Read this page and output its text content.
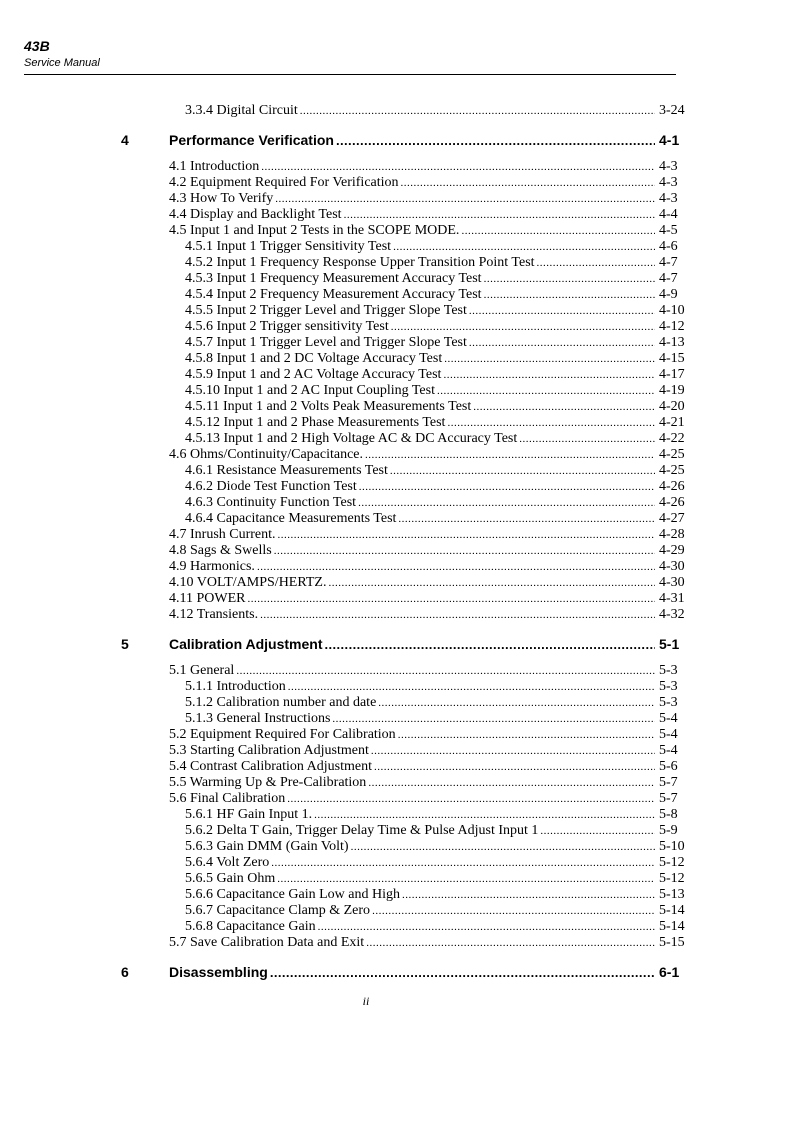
43B
Service Manual
3.3.4 Digital Circuit .....	3-24
4	Performance Verification .....	4-1
4.1 Introduction .....	4-3
4.2 Equipment Required For Verification .....	4-3
4.3 How To Verify .....	4-3
4.4 Display and Backlight Test .....	4-4
4.5 Input 1 and Input 2 Tests in the SCOPE MODE. .....	4-5
4.5.1 Input 1 Trigger Sensitivity Test .....	4-6
4.5.2 Input 1 Frequency Response Upper Transition Point Test .....	4-7
4.5.3 Input 1 Frequency Measurement Accuracy Test .....	4-7
4.5.4 Input 2 Frequency Measurement Accuracy Test .....	4-9
4.5.5 Input 2 Trigger Level and Trigger Slope Test .....	4-10
4.5.6 Input 2 Trigger sensitivity Test .....	4-12
4.5.7 Input 1 Trigger Level and Trigger Slope Test .....	4-13
4.5.8 Input 1 and 2 DC Voltage Accuracy Test .....	4-15
4.5.9 Input 1 and 2 AC Voltage Accuracy Test .....	4-17
4.5.10 Input 1 and 2 AC Input Coupling Test .....	4-19
4.5.11 Input 1 and 2 Volts Peak Measurements Test .....	4-20
4.5.12 Input 1 and 2 Phase Measurements Test .....	4-21
4.5.13 Input 1 and 2 High Voltage AC & DC Accuracy Test .....	4-22
4.6 Ohms/Continuity/Capacitance. .....	4-25
4.6.1 Resistance Measurements Test .....	4-25
4.6.2 Diode Test Function Test .....	4-26
4.6.3 Continuity Function Test .....	4-26
4.6.4 Capacitance Measurements Test .....	4-27
4.7 Inrush Current. .....	4-28
4.8 Sags & Swells .....	4-29
4.9 Harmonics. .....	4-30
4.10 VOLT/AMPS/HERTZ. .....	4-30
4.11 POWER .....	4-31
4.12 Transients. .....	4-32
5	Calibration Adjustment .....	5-1
5.1 General .....	5-3
5.1.1 Introduction .....	5-3
5.1.2 Calibration number and date .....	5-3
5.1.3 General Instructions .....	5-4
5.2 Equipment Required For Calibration .....	5-4
5.3 Starting Calibration Adjustment .....	5-4
5.4 Contrast Calibration Adjustment .....	5-6
5.5 Warming Up & Pre-Calibration .....	5-7
5.6 Final Calibration .....	5-7
5.6.1 HF Gain Input 1. .....	5-8
5.6.2 Delta T Gain, Trigger Delay Time & Pulse Adjust Input 1 .....	5-9
5.6.3 Gain DMM (Gain Volt) .....	5-10
5.6.4 Volt Zero .....	5-12
5.6.5 Gain Ohm .....	5-12
5.6.6 Capacitance Gain Low and High .....	5-13
5.6.7 Capacitance Clamp & Zero .....	5-14
5.6.8 Capacitance Gain .....	5-14
5.7 Save Calibration Data and Exit .....	5-15
6	Disassembling .....	6-1
ii
